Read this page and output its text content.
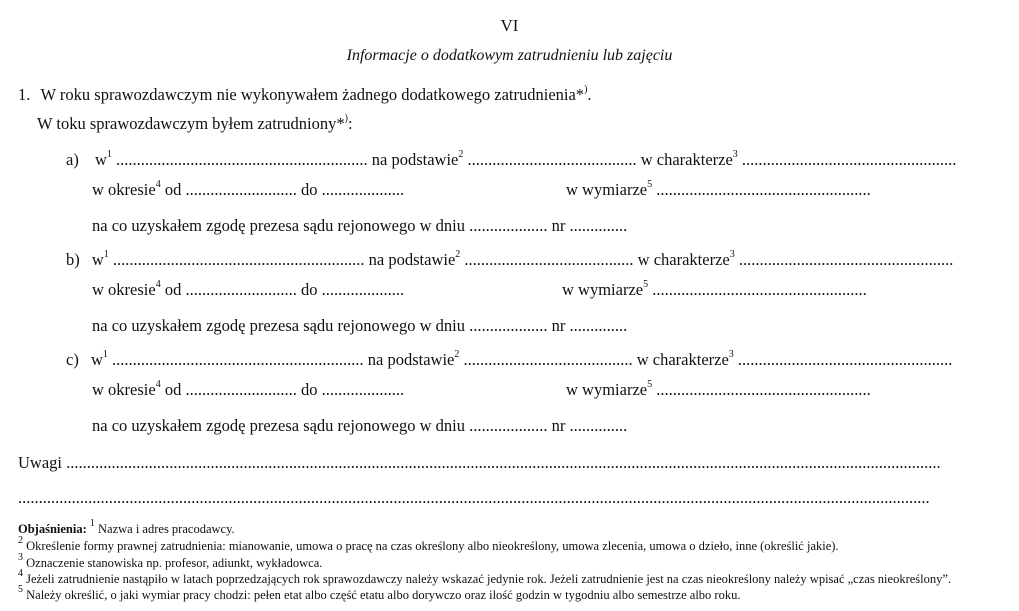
VI
Informacje o dodatkowym zatrudnieniu lub zajęciu
1. W roku sprawozdawczym nie wykonywałem żadnego dodatkowego zatrudnienia*).
W toku sprawozdawczym byłem zatrudniony*):
a) $w^1$ ............................................................. na podstawie$^2$ ......................................... w charakterze$^3$ ....................................................
w okresie$^4$ od ........................... do ....................	w wymiarze$^5$ ....................................................
na co uzyskałem zgodę prezesa sądu rejonowego w dniu ................... nr ..............
b) $w^1$ ............................................................. na podstawie$^2$ ......................................... w charakterze$^3$ ....................................................
w okresie$^4$ od ........................... do ....................	w wymiarze$^5$ ....................................................
na co uzyskałem zgodę prezesa sądu rejonowego w dniu ................... nr ..............
c) $w^1$ ............................................................. na podstawie$^2$ ......................................... w charakterze$^3$ ....................................................
w okresie$^4$ od ........................... do ....................	w wymiarze$^5$ ....................................................
na co uzyskałem zgodę prezesa sądu rejonowego w dniu ................... nr ..............
Uwagi ....................................................................................................................................................................................................................
.............................................................................................................................................................................................................................
Objaśnienia: $^1$ Nazwa i adres pracodawcy.
$^2$ Określenie formy prawnej zatrudnienia: mianowanie, umowa o pracę na czas określony albo nieokreślony, umowa zlecenia, umowa o dzieło, inne (określić jakie).
$^3$ Oznaczenie stanowiska np. profesor, adiunkt, wykładowca.
$^4$ Jeżeli zatrudnienie nastąpiło w latach poprzedzających rok sprawozdawczy należy wskazać jedynie rok. Jeżeli zatrudnienie jest na czas nieokreślony należy wpisać „czas nieokreślony”.
$^5$ Należy określić, o jaki wymiar pracy chodzi: pełen etat albo część etatu albo dorywczo oraz ilość godzin w tygodniu albo semestrze albo roku.
